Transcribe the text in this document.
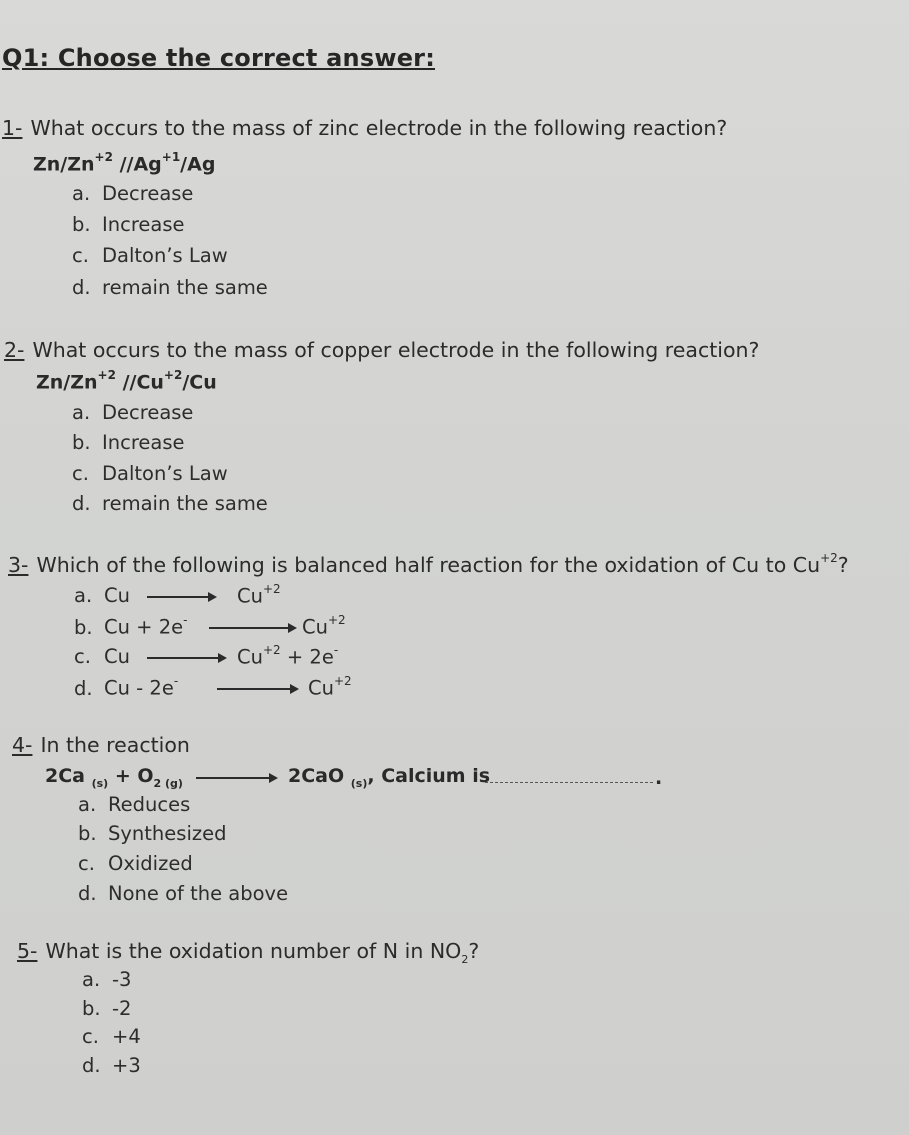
Q1: Choose the correct answer:
1- What occurs to the mass of zinc electrode in the following reaction?
$Zn/Zn^{+2}$ $//Ag^{+1}/Ag$
a. Decrease
b. Increase
c. Dalton’s Law
d. remain the same
2- What occurs to the mass of copper electrode in the following reaction?
$Zn/Zn^{+2}$ $//Cu^{+2}/Cu$
a. Decrease
b. Increase
c. Dalton’s Law
d. remain the same
3- Which of the following is balanced half reaction for the oxidation of Cu to $Cu^{+2}$?
a. $Cu \to Cu^{+2}$
b. Cu + 2e-	$Cu^{+2}$
c. Cu	$Cu^{+2} + 2e^-$
d. Cu - 2e-	$Cu^{+2}$
4- In the reaction
2Ca $_{(s)} + O_2$ $_{(g)}$	2CaO $_{(s)}$, Calcium is	.
a. Reduces
b. Synthesized
c. Oxidized
d. None of the above
5- What is the oxidation number of N in $NO_2$?
a. -3
b. -2
c. +4
d. +3
